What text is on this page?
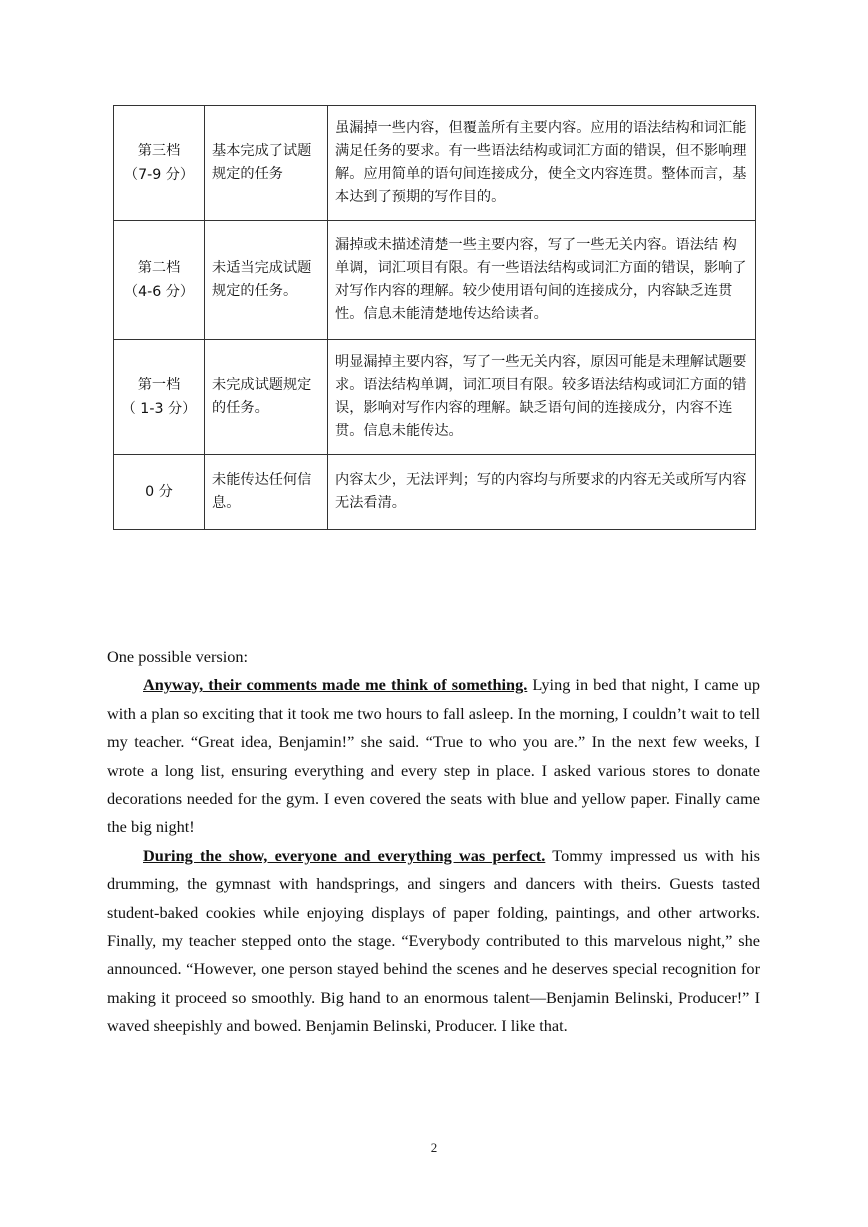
第三档
（7-9 分）	基本完成了试题规定的任务	虽漏掉一些内容，但覆盖所有主要内容。应用的语法结构和词汇能满足任务的要求。有一些语法结构或词汇方面的错误，但不影响理解。应用简单的语句间连接成分，使全文内容连贯。整体而言，基本达到了预期的写作目的。

第二档
（4-6 分）	未适当完成试题规定的任务。	漏掉或未描述清楚一些主要内容，写了一些无关内容。语法结 构单调，词汇项目有限。有一些语法结构或词汇方面的错误，影响了对写作内容的理解。较少使用语句间的连接成分，内容缺乏连贯性。信息未能清楚地传达给读者。

第一档
（ 1-3 分）	未完成试题规定的任务。	明显漏掉主要内容，写了一些无关内容，原因可能是未理解试题要求。语法结构单调，词汇项目有限。较多语法结构或词汇方面的错误，影响对写作内容的理解。缺乏语句间的连接成分，内容不连贯。信息未能传达。

0 分	未能传达任何信息。	内容太少，无法评判；写的内容均与所要求的内容无关或所写内容无法看清。

One possible version:

Anyway, their comments made me think of something. Lying in bed that night, I came up with a plan so exciting that it took me two hours to fall asleep. In the morning, I couldn’t wait to tell my teacher. “Great idea, Benjamin!” she said. “True to who you are.” In the next few weeks, I wrote a long list, ensuring everything and every step in place. I asked various stores to donate decorations needed for the gym. I even covered the seats with blue and yellow paper. Finally came the big night!

During the show, everyone and everything was perfect. Tommy impressed us with his drumming, the gymnast with handsprings, and singers and dancers with theirs. Guests tasted student-baked cookies while enjoying displays of paper folding, paintings, and other artworks. Finally, my teacher stepped onto the stage. “Everybody contributed to this marvelous night,” she announced. “However, one person stayed behind the scenes and he deserves special recognition for making it proceed so smoothly. Big hand to an enormous talent—Benjamin Belinski, Producer!” I waved sheepishly and bowed. Benjamin Belinski, Producer. I like that.

2
